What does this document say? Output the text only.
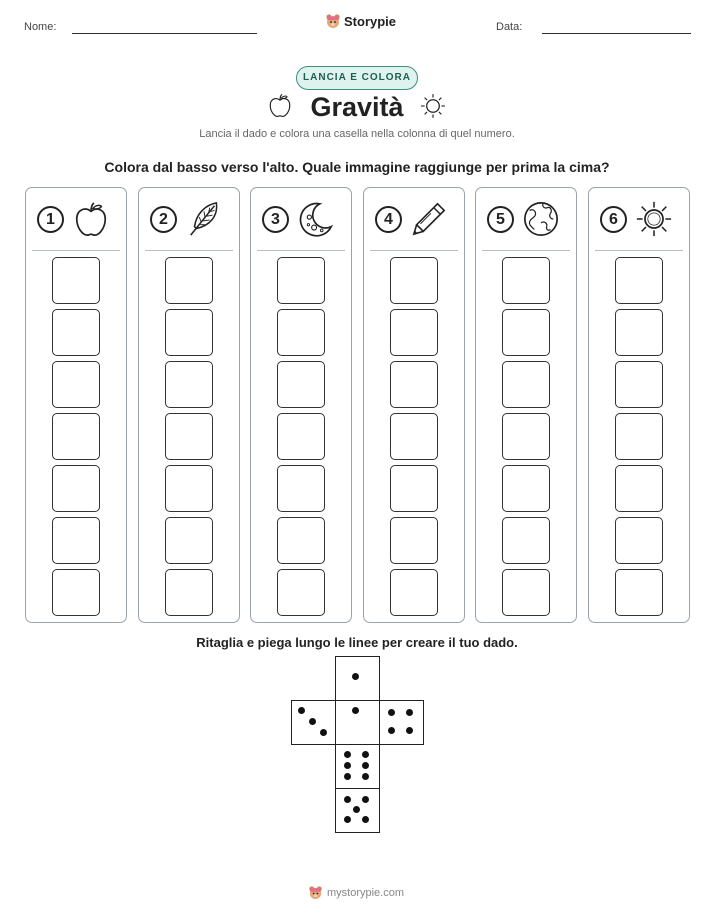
Nome:	Storypie	Data:
LANCIA E COLORA
Gravità
Lancia il dado e colora una casella nella colonna di quel numero.
Colora dal basso verso l'alto. Quale immagine raggiunge per prima la cima?
1	2	3	4	5	6
Ritaglia e piega lungo le linee per creare il tuo dado.
mystorypie.com
